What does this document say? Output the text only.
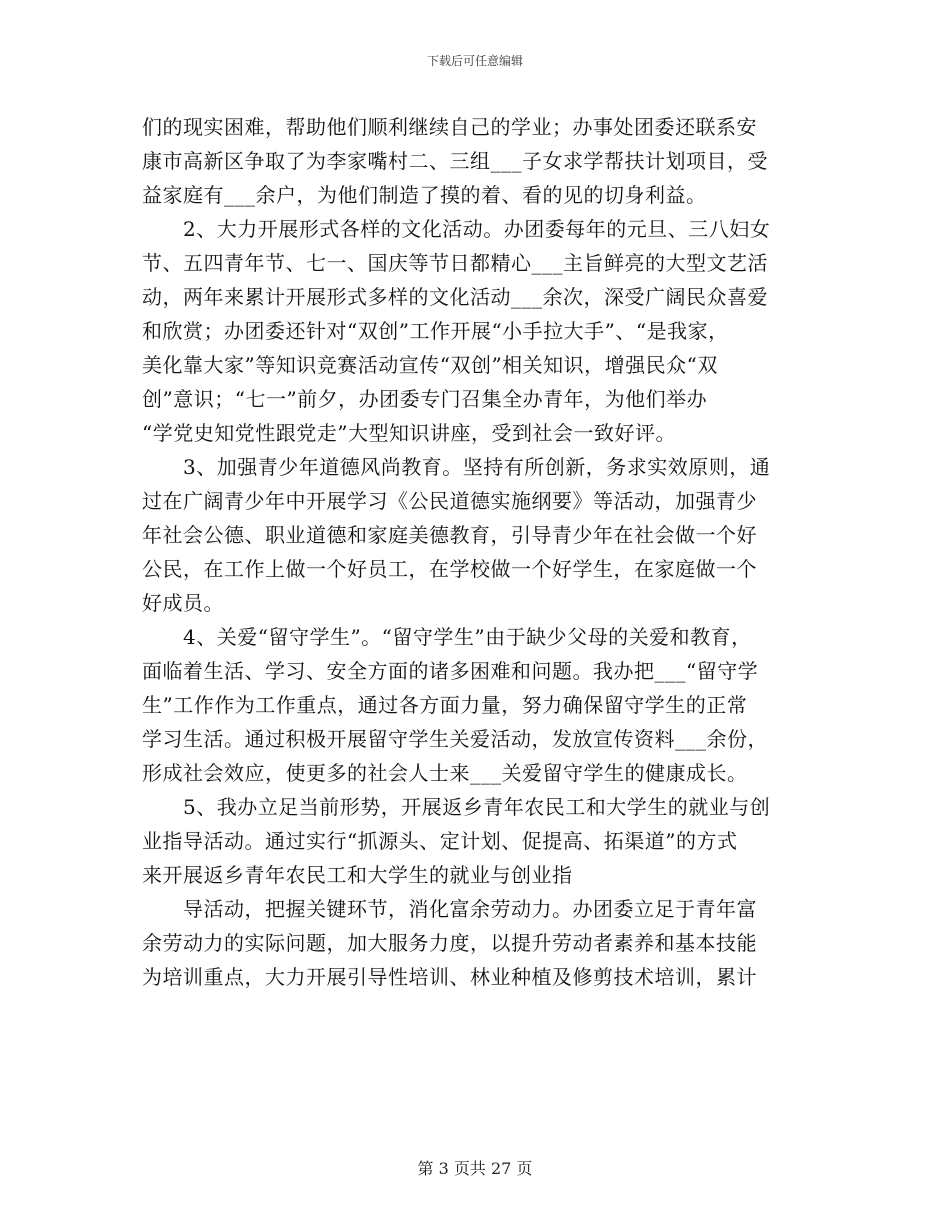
下载后可任意编辑
们的现实困难，帮助他们顺利继续自己的学业；办事处团委还联系安
康市高新区争取了为李家嘴村二、三组___子女求学帮扶计划项目，受
益家庭有___余户，为他们制造了摸的着、看的见的切身利益。
　　2、大力开展形式各样的文化活动。办团委每年的元旦、三八妇女
节、五四青年节、七一、国庆等节日都精心___主旨鲜亮的大型文艺活
动，两年来累计开展形式多样的文化活动___余次，深受广阔民众喜爱
和欣赏；办团委还针对“双创”工作开展“小手拉大手”、“是我家，
美化靠大家”等知识竞赛活动宣传“双创”相关知识，增强民众“双
创”意识；“七一”前夕，办团委专门召集全办青年，为他们举办
“学党史知党性跟党走”大型知识讲座，受到社会一致好评。
　　3、加强青少年道德风尚教育。坚持有所创新，务求实效原则，通
过在广阔青少年中开展学习《公民道德实施纲要》等活动，加强青少
年社会公德、职业道德和家庭美德教育，引导青少年在社会做一个好
公民，在工作上做一个好员工，在学校做一个好学生，在家庭做一个
好成员。
　　4、关爱“留守学生”。“留守学生”由于缺少父母的关爱和教育，
面临着生活、学习、安全方面的诸多困难和问题。我办把___“留守学
生”工作作为工作重点，通过各方面力量，努力确保留守学生的正常
学习生活。通过积极开展留守学生关爱活动，发放宣传资料___余份，
形成社会效应，使更多的社会人士来___关爱留守学生的健康成长。
　　5、我办立足当前形势，开展返乡青年农民工和大学生的就业与创
业指导活动。通过实行“抓源头、定计划、促提高、拓渠道”的方式
来开展返乡青年农民工和大学生的就业与创业指
　　导活动，把握关键环节，消化富余劳动力。办团委立足于青年富
余劳动力的实际问题，加大服务力度，以提升劳动者素养和基本技能
为培训重点，大力开展引导性培训、林业种植及修剪技术培训，累计
第 3 页共 27 页
